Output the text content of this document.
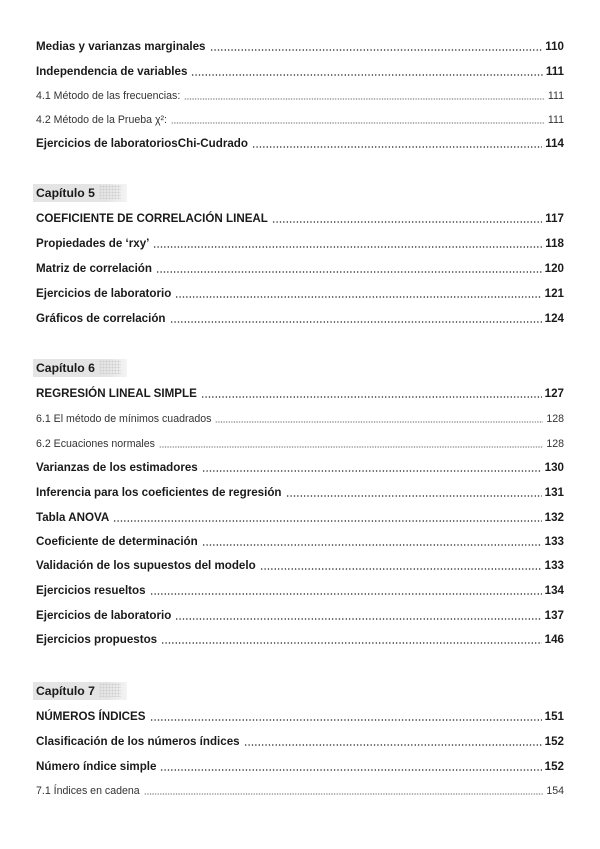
Medias y varianzas marginales	110
Independencia de variables	111
4.1 Método de las frecuencias:	111
4.2 Método de la Prueba χ²:	111
Ejercicios de laboratoriosChi-Cudrado	114
Capítulo 5
COEFICIENTE DE CORRELACIÓN LINEAL	117
Propiedades de ‘rxy’	118
Matriz de correlación	120
Ejercicios de laboratorio	121
Gráficos de correlación	124
Capítulo 6
REGRESIÓN LINEAL SIMPLE	127
6.1 El método de mínimos cuadrados	128
6.2 Ecuaciones normales	128
Varianzas de los estimadores	130
Inferencia para los coeficientes de regresión	131
Tabla ANOVA	132
Coeficiente de determinación	133
Validación de los supuestos del modelo	133
Ejercicios resueltos	134
Ejercicios de laboratorio	137
Ejercicios propuestos	146
Capítulo 7
NÚMEROS ÍNDICES	151
Clasificación de los números índices	152
Número índice simple	152
7.1 Índices en cadena	154
